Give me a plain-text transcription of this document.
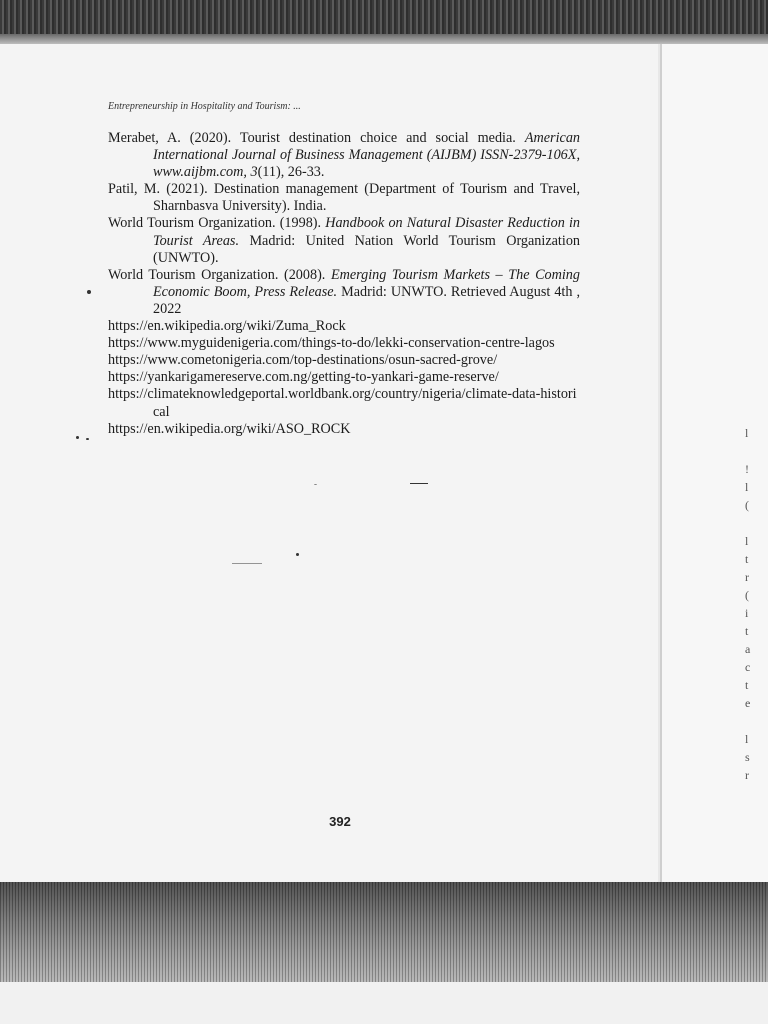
Entrepreneurship in Hospitality and Tourism: ...
Merabet, A. (2020). Tourist destination choice and social media. American International Journal of Business Management (AIJBM) ISSN-2379-106X, www.aijbm.com, 3(11), 26-33.
Patil, M. (2021). Destination management (Department of Tourism and Travel, Sharnbasva University). India.
World Tourism Organization. (1998). Handbook on Natural Disaster Reduction in Tourist Areas. Madrid: United Nation World Tourism Organization (UNWTO).
World Tourism Organization. (2008). Emerging Tourism Markets – The Coming Economic Boom, Press Release. Madrid: UNWTO. Retrieved August 4th , 2022
https://en.wikipedia.org/wiki/Zuma_Rock
https://www.myguidenigeria.com/things-to-do/lekki-conservation-centre-lagos
https://www.cometonigeria.com/top-destinations/osun-sacred-grove/
https://yankarigamereserve.com.ng/getting-to-yankari-game-reserve/
https://climateknowledgeportal.worldbank.org/country/nigeria/climate-data-historical
https://en.wikipedia.org/wiki/ASO_ROCK
392
l
!
l
(
l
t
r
(
i
t
a
c
t
e
l
s
r
